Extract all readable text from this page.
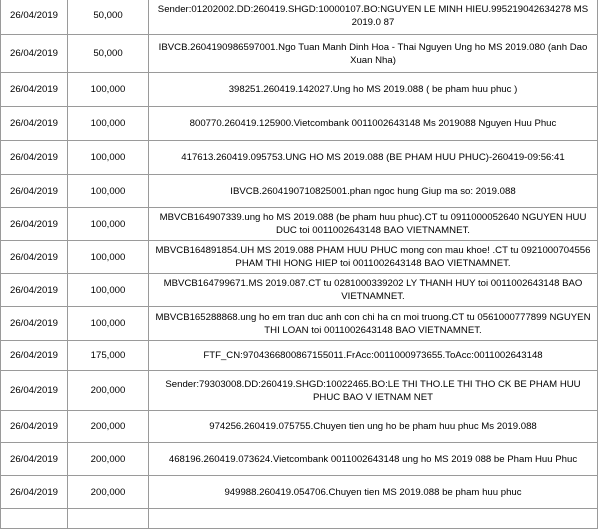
26/04/2019	50,000	Sender:01202002.DD:260419.SHGD:10000107.BO:NGUYEN LE MINH HIEU.995219042634278 MS 2019.0 87
26/04/2019	50,000	IBVCB.2604190986597001.Ngo Tuan Manh Dinh Hoa - Thai Nguyen Ung ho MS 2019.080 (anh Dao Xuan Nha)
26/04/2019	100,000	398251.260419.142027.Ung ho MS 2019.088 ( be pham huu phuc )
26/04/2019	100,000	800770.260419.125900.Vietcombank 0011002643148 Ms 2019088 Nguyen Huu Phuc
26/04/2019	100,000	417613.260419.095753.UNG HO MS 2019.088 (BE PHAM HUU PHUC)-260419-09:56:41
26/04/2019	100,000	IBVCB.2604190710825001.phan ngoc hung Giup ma so: 2019.088
26/04/2019	100,000	MBVCB164907339.ung ho MS 2019.088 (be pham huu phuc).CT tu 0911000052640 NGUYEN HUU DUC toi 0011002643148 BAO VIETNAMNET.
26/04/2019	100,000	MBVCB164891854.UH MS 2019.088 PHAM HUU PHUC mong con mau khoe! .CT tu 0921000704556 PHAM THI HONG HIEP toi 0011002643148 BAO VIETNAMNET.
26/04/2019	100,000	MBVCB164799671.MS 2019.087.CT tu 0281000339202 LY THANH HUY toi 0011002643148 BAO VIETNAMNET.
26/04/2019	100,000	MBVCB165288868.ung ho em tran duc anh con chi ha cn moi truong.CT tu 0561000777899 NGUYEN THI LOAN toi 0011002643148 BAO VIETNAMNET.
26/04/2019	175,000	FTF_CN:9704366800867155011.FrAcc:0011000973655.ToAcc:0011002643148
26/04/2019	200,000	Sender:79303008.DD:260419.SHGD:10022465.BO:LE THI THO.LE THI THO CK BE PHAM HUU PHUC BAO V IETNAM NET
26/04/2019	200,000	974256.260419.075755.Chuyen tien ung ho be pham huu phuc Ms 2019.088
26/04/2019	200,000	468196.260419.073624.Vietcombank 0011002643148 ung ho MS 2019 088 be Pham Huu Phuc
26/04/2019	200,000	949988.260419.054706.Chuyen tien MS 2019.088 be pham huu phuc
